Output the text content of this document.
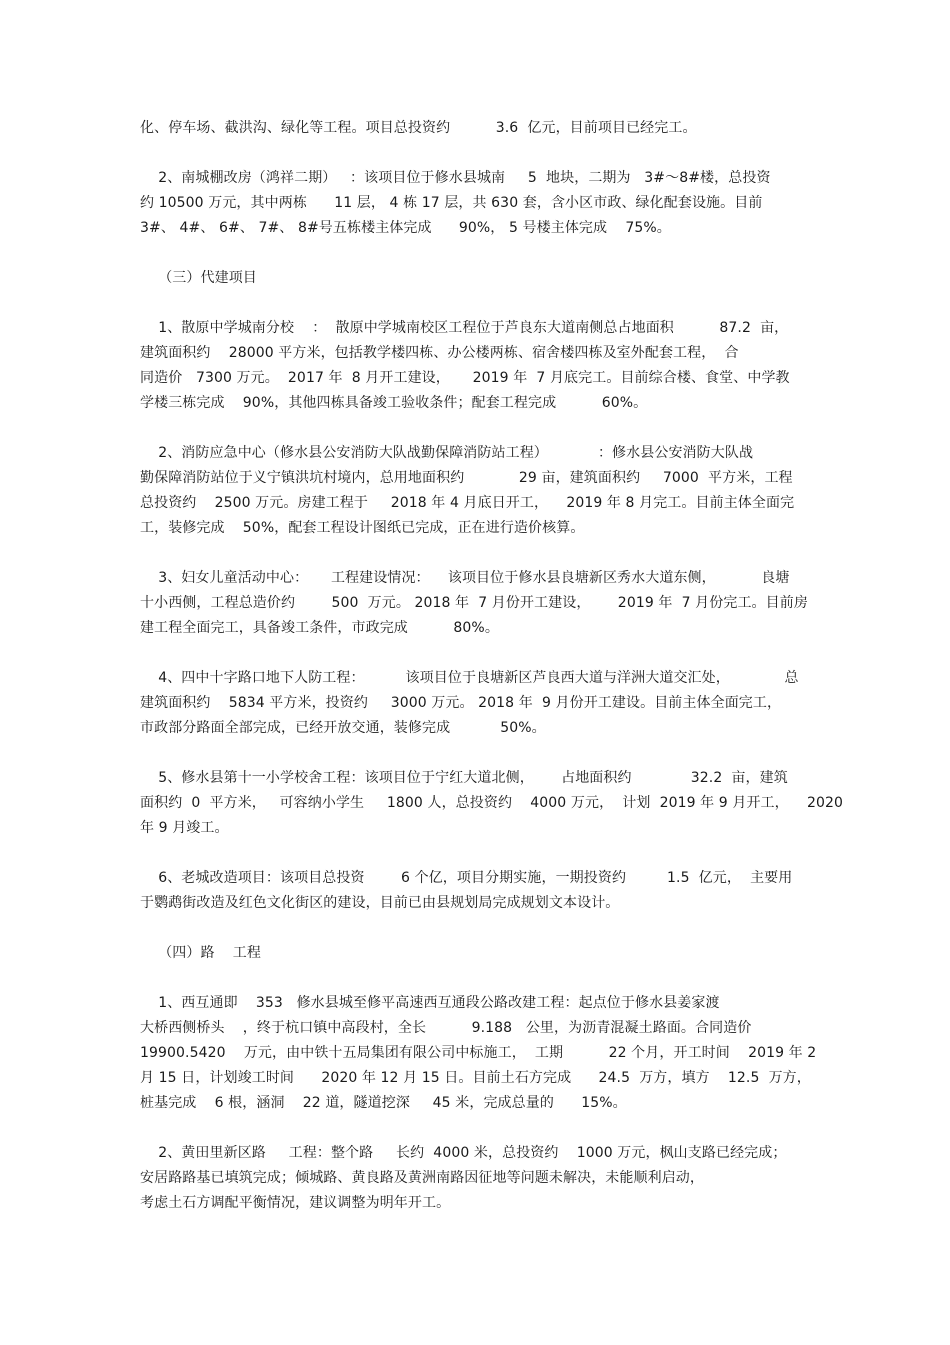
化、停车场、截洪沟、绿化等工程。项目总投资约          3.6  亿元，目前项目已经完工。
2、南城棚改房（鸿祥二期）   ：该项目位于修水县城南     5  地块，二期为   3#～8#楼，总投资
约 10500 万元，其中两栋      11 层， 4 栋 17 层，共 630 套，含小区市政、绿化配套设施。目前
3#、 4#、 6#、 7#、 8#号五栋楼主体完成      90%， 5 号楼主体完成    75%。
（三）代建项目
1、散原中学城南分校    ：  散原中学城南校区工程位于芦良东大道南侧总占地面积          87.2  亩，
建筑面积约    28000 平方米，包括教学楼四栋、办公楼两栋、宿舍楼四栋及室外配套工程，  合
同造价   7300 万元。  2017 年  8 月开工建设，     2019 年  7 月底完工。目前综合楼、食堂、中学教
学楼三栋完成    90%，其他四栋具备竣工验收条件；配套工程完成          60%。
2、消防应急中心（修水县公安消防大队战勤保障消防站工程）           ：修水县公安消防大队战
勤保障消防站位于义宁镇洪坑村境内，总用地面积约            29 亩，建筑面积约     7000  平方米，工程
总投资约    2500 万元。房建工程于     2018 年 4 月底日开工，    2019 年 8 月完工。目前主体全面完
工，装修完成    50%，配套工程设计图纸已完成，正在进行造价核算。
3、妇女儿童活动中心：     工程建设情况：    该项目位于修水县良塘新区秀水大道东侧，          良塘
十小西侧，工程总造价约        500  万元。 2018 年  7 月份开工建设，      2019 年  7 月份完工。目前房
建工程全面完工，具备竣工条件，市政完成          80%。
4、四中十字路口地下人防工程：         该项目位于良塘新区芦良西大道与洋洲大道交汇处，            总
建筑面积约    5834 平方米，投资约     3000 万元。 2018 年  9 月份开工建设。目前主体全面完工，
市政部分路面全部完成，已经开放交通，装修完成           50%。
5、修水县第十一小学校舍工程：该项目位于宁红大道北侧，      占地面积约             32.2  亩，建筑
面积约  0  平方米，   可容纳小学生     1800 人，总投资约    4000 万元，  计划  2019 年 9 月开工，    2020
年 9 月竣工。
6、老城改造项目：该项目总投资        6 个亿，项目分期实施，一期投资约         1.5  亿元，  主要用
于鹦鹉街改造及红色文化街区的建设，目前已由县规划局完成规划文本设计。
（四）路    工程
1、西互通即    353   修水县城至修平高速西互通段公路改建工程：起点位于修水县姜家渡
大桥西侧桥头    ，终于杭口镇中高段村，全长          9.188   公里，为沥青混凝土路面。合同造价
19900.5420    万元，由中铁十五局集团有限公司中标施工，  工期          22 个月，开工时间    2019 年 2
月 15 日，计划竣工时间      2020 年 12 月 15 日。目前土石方完成      24.5  万方，填方    12.5  万方，
桩基完成    6 根，涵洞    22 道，隧道挖深     45 米，完成总量的      15%。
2、黄田里新区路     工程：整个路     长约  4000 米，总投资约    1000 万元，枫山支路已经完成；
安居路路基已填筑完成；倾城路、黄良路及黄洲南路因征地等问题未解决，未能顺利启动，
考虑土石方调配平衡情况，建议调整为明年开工。
